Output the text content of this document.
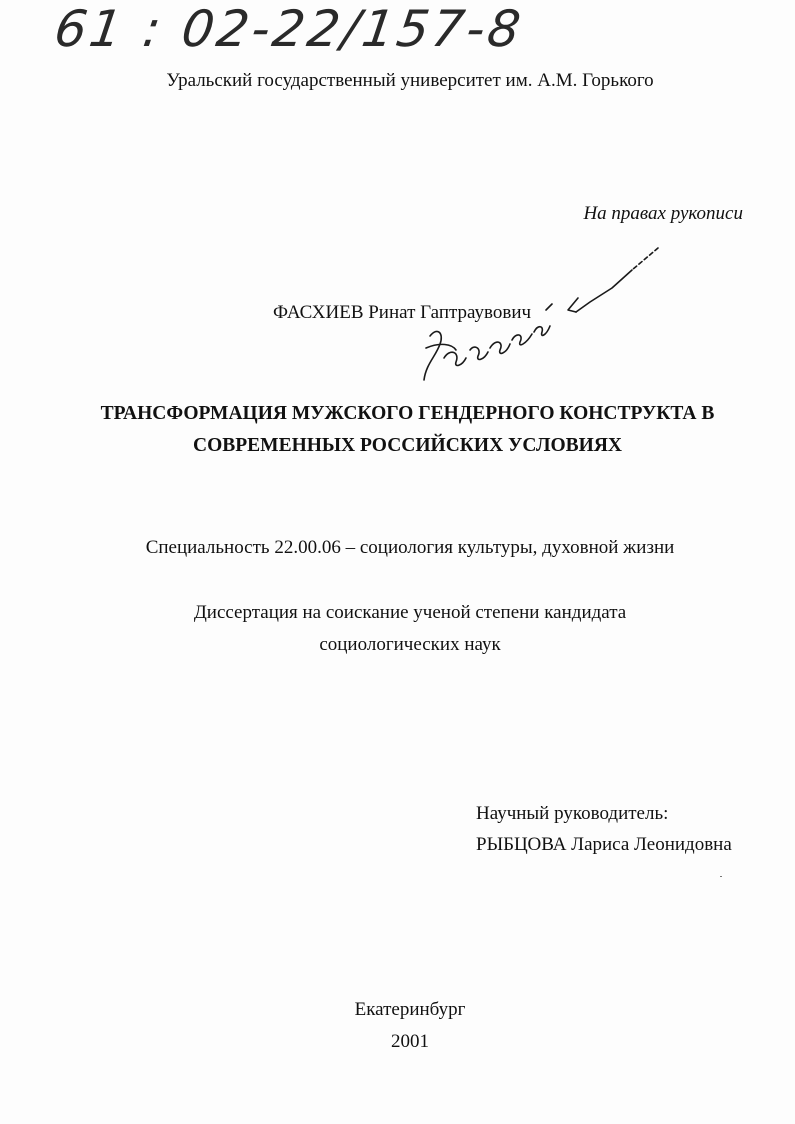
61 : 02-22/157-8
Уральский государственный университет им. А.М. Горького
На правах рукописи
ФАСХИЕВ Ринат Гаптраувович
ТРАНСФОРМАЦИЯ МУЖСКОГО ГЕНДЕРНОГО КОНСТРУКТА В
СОВРЕМЕННЫХ РОССИЙСКИХ УСЛОВИЯХ
Специальность 22.00.06 – социология культуры, духовной жизни
Диссертация на соискание ученой степени кандидата
социологических наук
Научный руководитель:
РЫБЦОВА Лариса Леонидовна
Екатеринбург
2001
